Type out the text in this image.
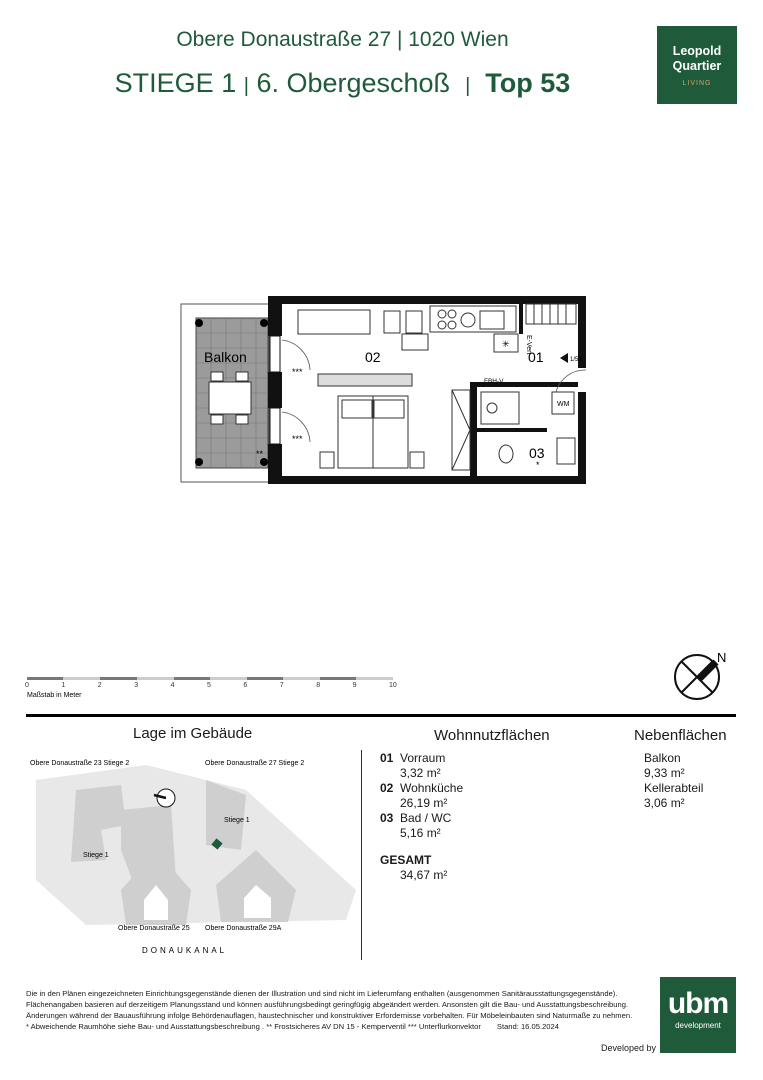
Obere Donaustraße 27 | 1020 Wien
STIEGE 1 | 6. Obergeschoß | Top 53
Leopold
Quartier
LIVING
Balkon
**
***
***
✳
02
E-Vert
01	1/53
FBH-V
WM
03
*
0	1	2	3	4	5	6	7	8	9	10
Maßstab in Meter
N
Lage im Gebäude
Obere Donaustraße 23 Stiege 2	Obere Donaustraße 27 Stiege 2
Stiege 1
Stiege 1
Obere Donaustraße 25 Obere Donaustraße 29A
DONAUKANAL
Wohnnutzflächen
01 Vorraum
3,32 m²
02 Wohnküche
26,19 m²
03 Bad / WC
5,16 m²
GESAMT
34,67 m²
Nebenflächen
Balkon
9,33 m²
Kellerabteil
3,06 m²
Die in den Plänen eingezeichneten Einrichtungsgegenstände dienen der Illustration und sind nicht im Lieferumfang enthalten (ausgenommen Sanitärausstattungsgegenstände).
Flächenangaben basieren auf derzeitigem Planungsstand und können ausführungsbedingt geringfügig abgeändert werden. Ansonsten gilt die Bau- und Ausstattungsbeschreibung.
Änderungen während der Bauausführung infolge Behördenauflagen, haustechnischer und konstruktiver Erfordernisse vorbehalten. Für Möbeleinbauten sind Naturmaße zu nehmen.
* Abweichende Raumhöhe siehe Bau- und Ausstattungsbeschreibung . ** Frostsicheres AV DN 15 - Kemperventil *** Unterflurkonvektor Stand: 16.05.2024
Developed by
ubm
development
